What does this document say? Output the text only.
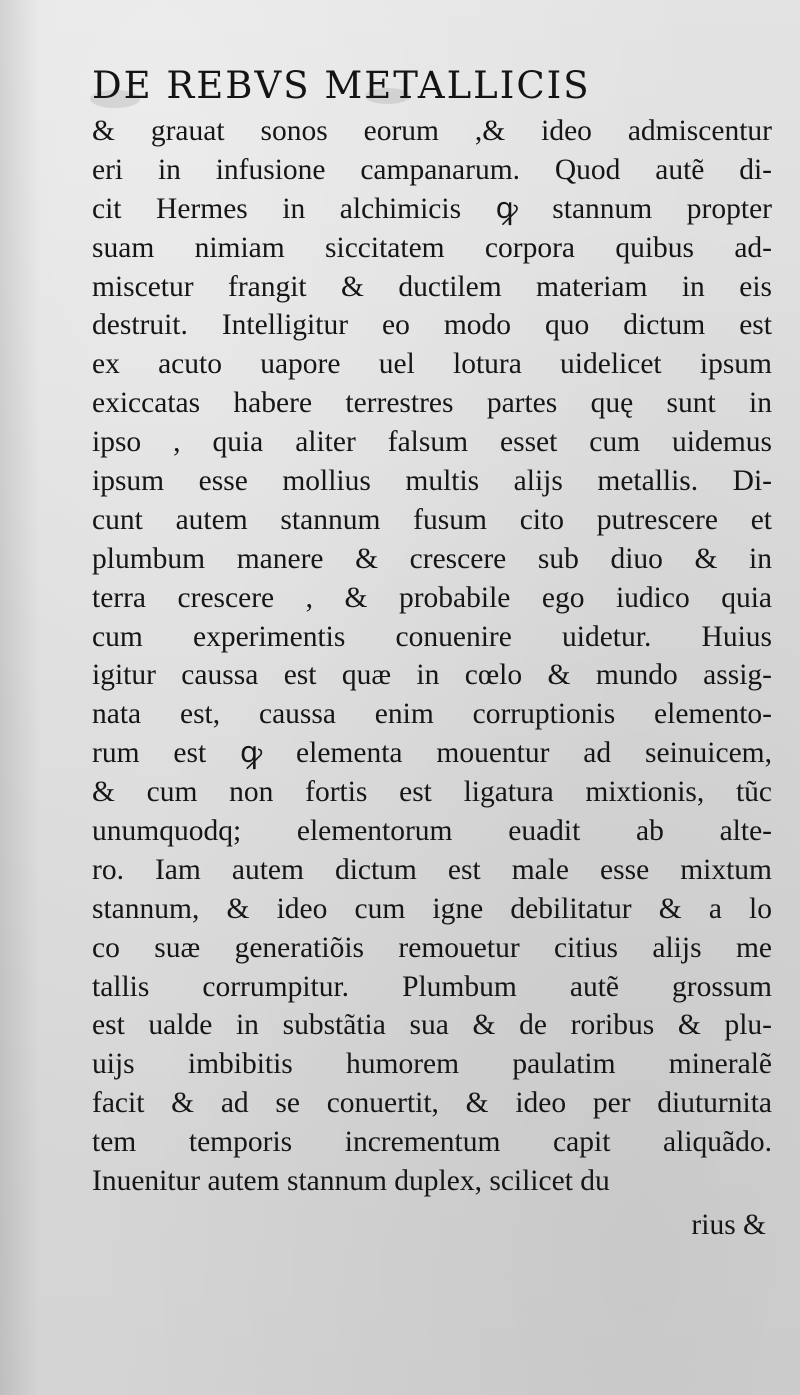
DE REBVS METALLICIS
& grauat sonos eorum ,& ideo admiscentur
eri in infusione campanarum. Quod autẽ di-
cit Hermes in alchimicis ꝙ stannum propter
suam nimiam siccitatem corpora quibus ad-
miscetur frangit & ductilem materiam in eis
destruit. Intelligitur eo modo quo dictum est
ex acuto uapore uel lotura uidelicet ipsum
exiccatas habere terrestres partes quę sunt in
ipso , quia aliter falsum esset cum uidemus
ipsum esse mollius multis alijs metallis. Di-
cunt autem stannum fusum cito putrescere et
plumbum manere & crescere sub diuo & in
terra crescere , & probabile ego iudico quia
cum experimentis conuenire uidetur. Huius
igitur caussa est quæ in cœlo & mundo assig-
nata est, caussa enim corruptionis elemento-
rum est ꝙ elementa mouentur ad seinuicem,
& cum non fortis est ligatura mixtionis, tũc
unumquodq; elementorum euadit ab alte-
ro. Iam autem dictum est male esse mixtum
stannum, & ideo cum igne debilitatur & a lo
co suæ generatiõis remouetur citius alijs me
tallis corrumpitur. Plumbum autẽ grossum
est ualde in substãtia sua & de roribus & plu-
uijs imbibitis humorem paulatim mineralẽ
facit & ad se conuertit, & ideo per diuturnita
tem temporis incrementum capit aliquãdo.
Inuenitur autem stannum duplex, scilicet du
rius &
